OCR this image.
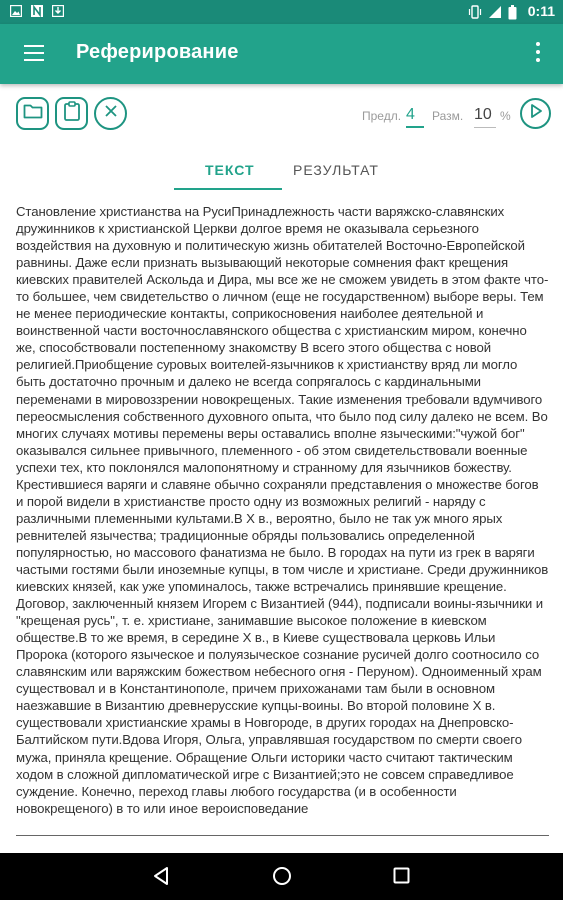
0:11
Реферирование
Предл. 4	Разм. 10 %
ТЕКСТ	РЕЗУЛЬТАТ
Становление христианства на РусиПринадлежность части варяжско-славянских дружинников к христианской Церкви долгое время не оказывала серьезного воздействия на духовную и политическую жизнь обитателей Восточно-Европейской равнины. Даже если признать вызывающий некоторые сомнения факт крещения киевских правителей Аскольда и Дира, мы все же не сможем увидеть в этом факте что-то большее, чем свидетельство о личном (еще не государственном) выборе веры. Тем не менее периодические контакты, соприкосновения наиболее деятельной и воинственной части восточнославянского общества с христианским миром, конечно же, способствовали постепенному знакомству В всего этого общества с новой религией.Приобщение суровых воителей-язычников к христианству вряд ли могло быть достаточно прочным и далеко не всегда сопрягалось с кардинальными переменами в мировоззрении новокрещеных. Такие изменения требовали вдумчивого переосмысления собственного духовного опыта, что было под силу далеко не всем. Во многих случаях мотивы перемены веры оставались вполне языческими:"чужой бог" оказывался сильнее привычного, племенного - об этом свидетельствовали военные успехи тех, кто поклонялся малопонятному и странному для язычников божеству. Крестившиеся варяги и славяне обычно сохраняли представления о множестве богов и порой видели в христианстве просто одну из возможных религий - наряду с различными племенными культами.В X в., вероятно, было не так уж много ярых ревнителей язычества; традиционные обряды пользовались определенной популярностью, но массового фанатизма не было. В городах на пути из грек в варяги частыми гостями были иноземные купцы, в том числе и христиане. Среди дружинников киевских князей, как уже упоминалось, также встречались принявшие крещение. Договор, заключенный князем Игорем с Византией (944), подписали воины-язычники и "крещеная русь", т. е. христиане, занимавшие высокое положение в киевском обществе.В то же время, в середине X в., в Киеве существовала церковь Ильи Пророка (которого языческое и полуязыческое сознание русичей долго соотносило со славянским или варяжским божеством небесного огня - Перуном). Одноименный храм существовал и в Константинополе, причем прихожанами там были в основном наезжавшие в Византию древнерусские купцы-воины. Во второй половине X в. существовали христианские храмы в Новгороде, в других городах на Днепровско-Балтийском пути.Вдова Игоря, Ольга, управлявшая государством по смерти своего мужа, приняла крещение. Обращение Ольги историки часто считают тактическим ходом в сложной дипломатической игре с Византией;это не совсем справедливое суждение. Конечно, переход главы любого государства (и в особенности новокрещеного) в то или иное вероисповедание
